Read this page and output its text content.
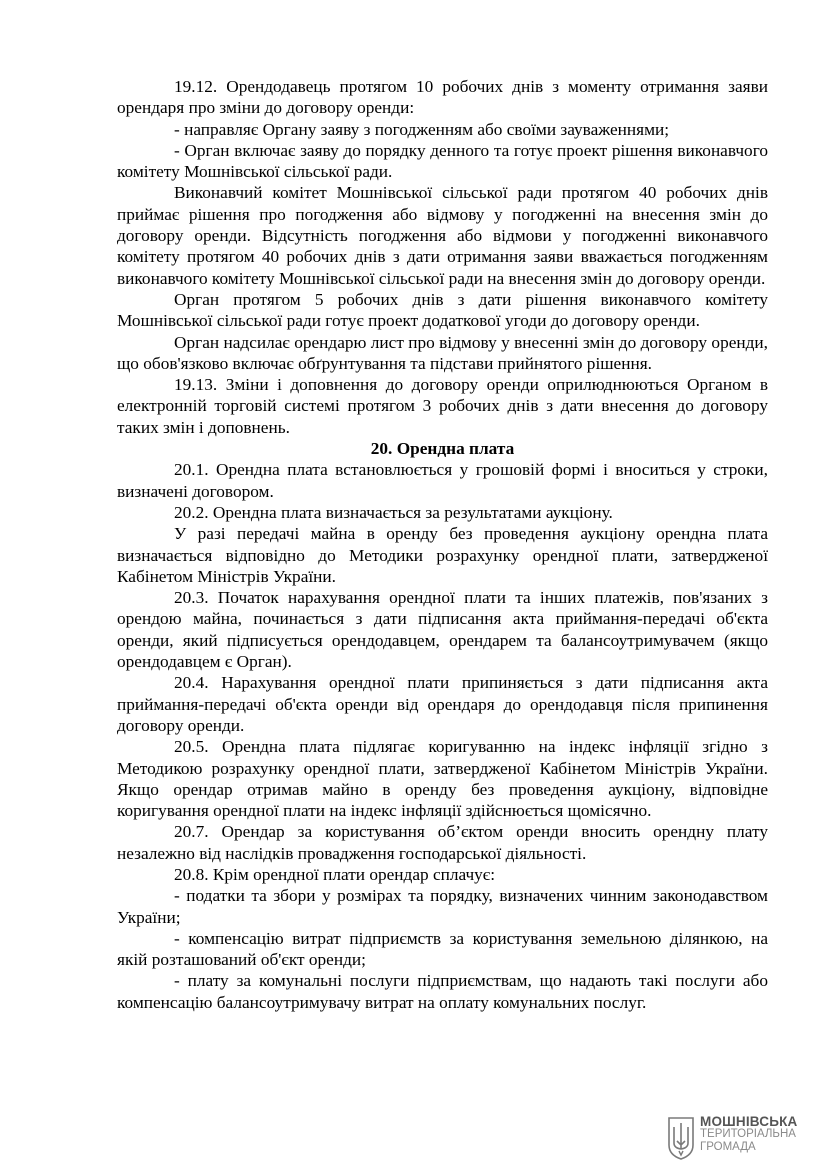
19.12. Орендодавець протягом 10 робочих днів з моменту отримання заяви орендаря про зміни до договору оренди:

- направляє Органу заяву з погодженням або своїми зауваженнями;

- Орган включає заяву до порядку денного та готує проект рішення виконавчого комітету Мошнівської сільської ради.

Виконавчий комітет Мошнівської сільської ради протягом 40 робочих днів приймає рішення про погодження або відмову у погодженні на внесення змін до договору оренди. Відсутність погодження або відмови у погодженні виконавчого комітету протягом 40 робочих днів з дати отримання заяви вважається погодженням виконавчого комітету Мошнівської сільської ради на внесення змін до договору оренди.

Орган протягом 5 робочих днів з дати рішення виконавчого комітету Мошнівської сільської ради готує проект додаткової угоди до договору оренди.

Орган надсилає орендарю лист про відмову у внесенні змін до договору оренди, що обов'язково включає обґрунтування та підстави прийнятого рішення.

19.13. Зміни і доповнення до договору оренди оприлюднюються Органом в електронній торговій системі протягом 3 робочих днів з дати внесення до договору таких змін і доповнень.

20. Орендна плата

20.1. Орендна плата встановлюється у грошовій формі і вноситься у строки, визначені договором.

20.2. Орендна плата визначається за результатами аукціону.

У разі передачі майна в оренду без проведення аукціону орендна плата визначається відповідно до Методики розрахунку орендної плати, затвердженої Кабінетом Міністрів України.

20.3. Початок нарахування орендної плати та інших платежів, пов'язаних з орендою майна, починається з дати підписання акта приймання-передачі об'єкта оренди, який підписується орендодавцем, орендарем та балансоутримувачем (якщо орендодавцем є Орган).

20.4. Нарахування орендної плати припиняється з дати підписання акта приймання-передачі об'єкта оренди від орендаря до орендодавця після припинення договору оренди.

20.5. Орендна плата підлягає коригуванню на індекс інфляції згідно з Методикою розрахунку орендної плати, затвердженої Кабінетом Міністрів України. Якщо орендар отримав майно в оренду без проведення аукціону, відповідне коригування орендної плати на індекс інфляції здійснюється щомісячно.

20.7. Орендар за користування об’єктом оренди вносить орендну плату незалежно від наслідків провадження господарської діяльності.

20.8. Крім орендної плати орендар сплачує:

- податки та збори у розмірах та порядку, визначених чинним законодавством України;

- компенсацію витрат підприємств за користування земельною ділянкою, на якій розташований об'єкт оренди;

- плату за комунальні послуги підприємствам, що надають такі послуги або компенсацію балансоутримувачу витрат на оплату комунальних послуг.

МОШНІВСЬКА
ТЕРИТОРІАЛЬНА
ГРОМАДА
